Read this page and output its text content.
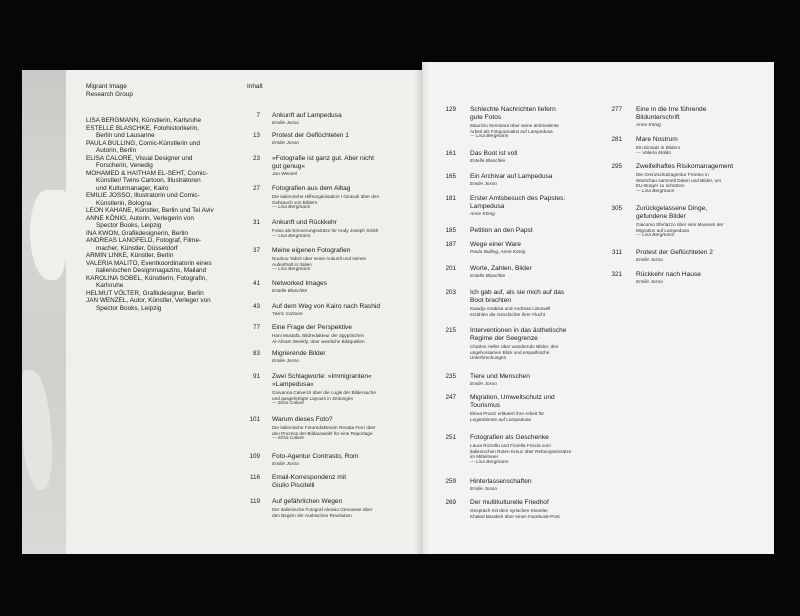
Migrant Image
Research Group
Inhalt
LISA BERGMANN, Künstlerin, Karlsruhe
ESTELLE BLASCHKE, Fotohistorikerin,
Berlin und Lausanne
PAULA BULLING, Comic-Künstlerin und
Autorin, Berlin
ELISA CALORE, Visual Designer und
Forscherin, Venedig
MOHAMED & HAITHAM EL-SEHT, Comic-
Künstler/ Twins Cartoon, Illustratoren
und Kulturmanager, Kairo
EMILIE JOSSO, Illustratorin und Comic-
Künstlerin, Bologna
LEON KAHANE, Künstler, Berlin und Tel Aviv
ANNE KÖNIG, Autorin, Verlegerin von
Spector Books, Leipzig
INA KWON, Grafikdesignerin, Berlin
ANDREAS LANGFELD, Fotograf, Filme-
macher, Künstler, Düsseldorf
ARMIN LINKE, Künstler, Berlin
VALERIA MALITO, Eventkoordinatorin eines
italienischen Designmagazins, Mailand
KAROLINA SOBEL, Künstlerin, Fotografin,
Karlsruhe
HELMUT VÖLTER, Grafikdesigner, Berlin
JAN WENZEL, Autor, Künstler, Verleger von
Spector Books, Leipzig
7 Ankunft auf Lampedusa
Emilie Josso
13 Protest der Geflüchteten 1
Emilie Josso
23 »Fotografie ist ganz gut. Aber nicht
gut genug«
Jan Wenzel
27 Fotografien aus dem Alltag
Die italienische Hilfsorganisation I Girasoli über den
Gebrauch von Bildern
— Lisa Bergmann
31 Ankunft und Rückkehr
Fotos als Erinnerungsstütze für Andy Joseph Smith
— Lisa Bergmann
37 Meine eigenen Fotografien
Nouhou Yabré über seine Ankunft und seinen
Aufenthalt in Italien
— Lisa Bergmann
41 Networked Images
Estelle Blaschke
43 Auf dem Weg von Kairo nach Rashid
Twins Cartoon
77 Eine Frage der Perspektive
Hani Mustafa, Bildredakteur der ägyptischen
Al-Ahram Weekly, über westliche Bildquellen
83 Migrierende Bilder
Emilie Josso
91 Zwei Schlagworte: »Immigranten«
»Lampedusa«
Giovanna Calvenzi über die Logik der Bildersuche
und ausgefertigte Layouts in Zeitungen
— Elisa Calore
101 Warum dieses Foto?
Die italienische Fotoredakteurin Renata Ferri über
den Prozess der Bildauswahl für eine Reportage
— Elisa Calore
109 Foto-Agentur Contrasto, Rom
Emilie Josso
116 Email-Korrespondenz mit
Giulio Piscitelli
119 Auf gefährlichen Wegen
Der italienische Fotograf Alessio Genovese über
den Beginn der Arabischen Revolution
129 Schlechte Nachrichten liefern
gute Fotos
Maurizio Seminara über seine ambivalente
Arbeit als Fotojournalist auf Lampedusa
— Lisa Bergmann
161 Das Boot ist voll
Estelle Blaschke
165 Ein Archivar auf Lampedusa
Emilie Josso
181 Erster Amtsbesuch des Papstes:
Lampedusa
Anne König
185 Petition an den Papst
187 Wege einer Ware
Paula Bulling, Anne König
201 Worte, Zahlen, Bilder
Estelle Blaschke
203 Ich gab auf, als sie mich auf das
Boot brachten
Kwadjo Anabisa und Andreas Listowell
erzählen die Geschichte ihrer Flucht
215 Interventionen in das ästhetische
Regime der Seegrenze
Charles Heller über wandernde Bilder, den
ungehorsamen Blick und empathische
Unterbrechungen
235 Tiere und Menschen
Emilie Josso
247 Migration, Umweltschutz und
Tourismus
Elena Prazzi erläutert ihre Arbeit für
Legambiente auf Lampedusa
251 Fotografien als Geschenke
Laura Rizzello und Fiorella Friscia vom
italienischen Roten Kreuz über Rettungseinsätze
im Mittelmeer
— Lisa Bergmann
259 Hinterlassenschaften
Emilie Josso
269 Der multikulturelle Friedhof
Gespräch mit dem syrischen Künstler
Khaled Barakeh über einen Facebook-Post
277 Eine in die Irre führende
Bildunterschrift
Anne König
281 Mare Nostrum
Ein Einsatz in Bildern
— Valeria Malito
295 Zweifelhaftes Risikomanagement
Die Grenzschutzagentur Frontex in
Warschau sammelt Daten und Bilder, um
EU-Bürger zu schützen
— Lisa Bergmann
305 Zurückgelassene Dinge,
gefundene Bilder
Giacomo Sferlazzo über sein Museum der
Migration auf Lampedusa
— Lisa Bergmann
311 Protest der Geflüchteten 2
Emilie Josso
321 Rückkehr nach Hause
Emilie Josso
